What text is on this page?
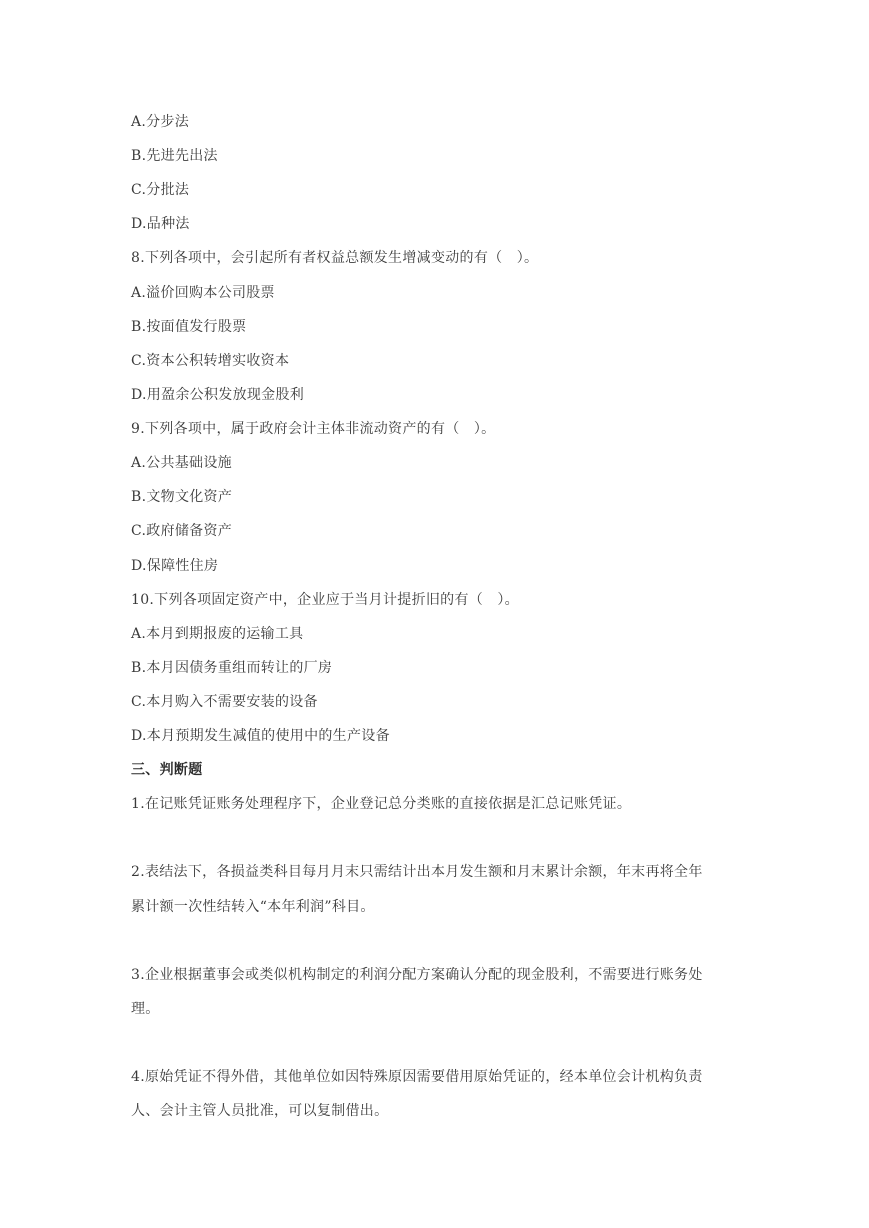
A.分步法
B.先进先出法
C.分批法
D.品种法
8.下列各项中，会引起所有者权益总额发生增减变动的有（　）。
A.溢价回购本公司股票
B.按面值发行股票
C.资本公积转增实收资本
D.用盈余公积发放现金股利
9.下列各项中，属于政府会计主体非流动资产的有（　）。
A.公共基础设施
B.文物文化资产
C.政府储备资产
D.保障性住房
10.下列各项固定资产中，企业应于当月计提折旧的有（　）。
A.本月到期报废的运输工具
B.本月因债务重组而转让的厂房
C.本月购入不需要安装的设备
D.本月预期发生减值的使用中的生产设备
三、判断题
1.在记账凭证账务处理程序下，企业登记总分类账的直接依据是汇总记账凭证。
2.表结法下，各损益类科目每月月末只需结计出本月发生额和月末累计余额，年末再将全年
累计额一次性结转入“本年利润”科目。
3.企业根据董事会或类似机构制定的利润分配方案确认分配的现金股利，不需要进行账务处
理。
4.原始凭证不得外借，其他单位如因特殊原因需要借用原始凭证的，经本单位会计机构负责
人、会计主管人员批准，可以复制借出。
